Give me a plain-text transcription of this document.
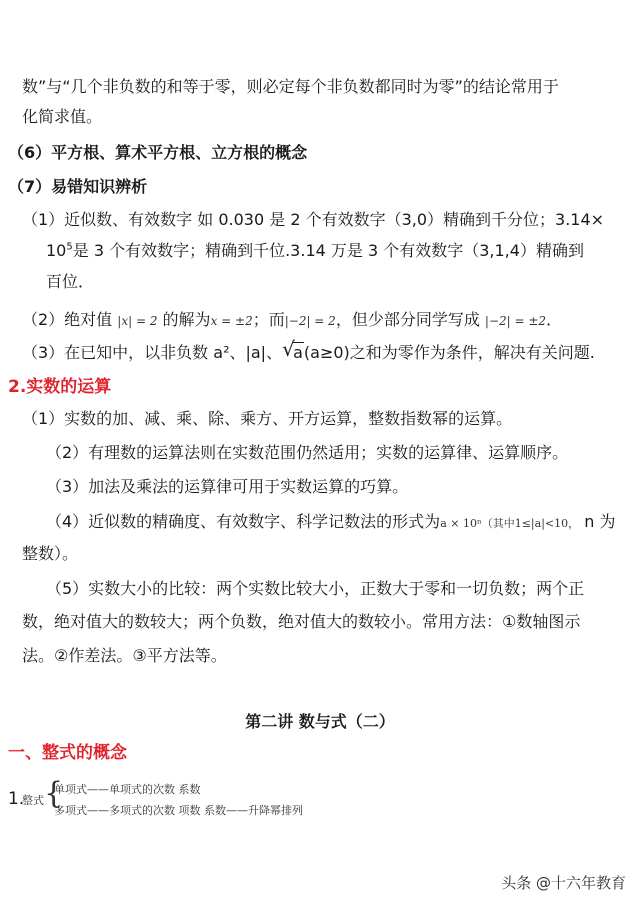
数”与“几个非负数的和等于零，则必定每个非负数都同时为零”的结论常用于
化简求值。
（6）平方根、算术平方根、立方根的概念
（7）易错知识辨析
（1）近似数、有效数字 如 0.030 是 2 个有效数字（3,0）精确到千分位；3.14×
$10^5$是 3 个有效数字；精确到千位.3.14 万是 3 个有效数字（3,1,4）精确到
百位．
（2）绝对值 |x| = 2 的解为x = ±2；而|−2| = 2，但少部分同学写成 |−2| = ±2．
（3）在已知中，以非负数 a²、|a|、 √
a(a≥0)之和为零作为条件，解决有关问题.
2.实数的运算
（1）实数的加、减、乘、除、乘方、开方运算，整数指数幂的运算。
（2）有理数的运算法则在实数范围仍然适用；实数的运算律、运算顺序。
（3）加法及乘法的运算律可用于实数运算的巧算。
（4）近似数的精确度、有效数字、科学记数法的形式为a × 10ⁿ（其中1≤|a|<10， n 为
整数）。
（5）实数大小的比较：两个实数比较大小，正数大于零和一切负数；两个正
数，绝对值大的数较大；两个负数，绝对值大的数较小。常用方法：①数轴图示
法。②作差法。③平方法等。
第二讲 数与式（二）
一、整式的概念
1.
整式 {
单项式——单项式的次数 系数
多项式——多项式的次数 项数 系数——升降幂排列
头条 @十六年教育
